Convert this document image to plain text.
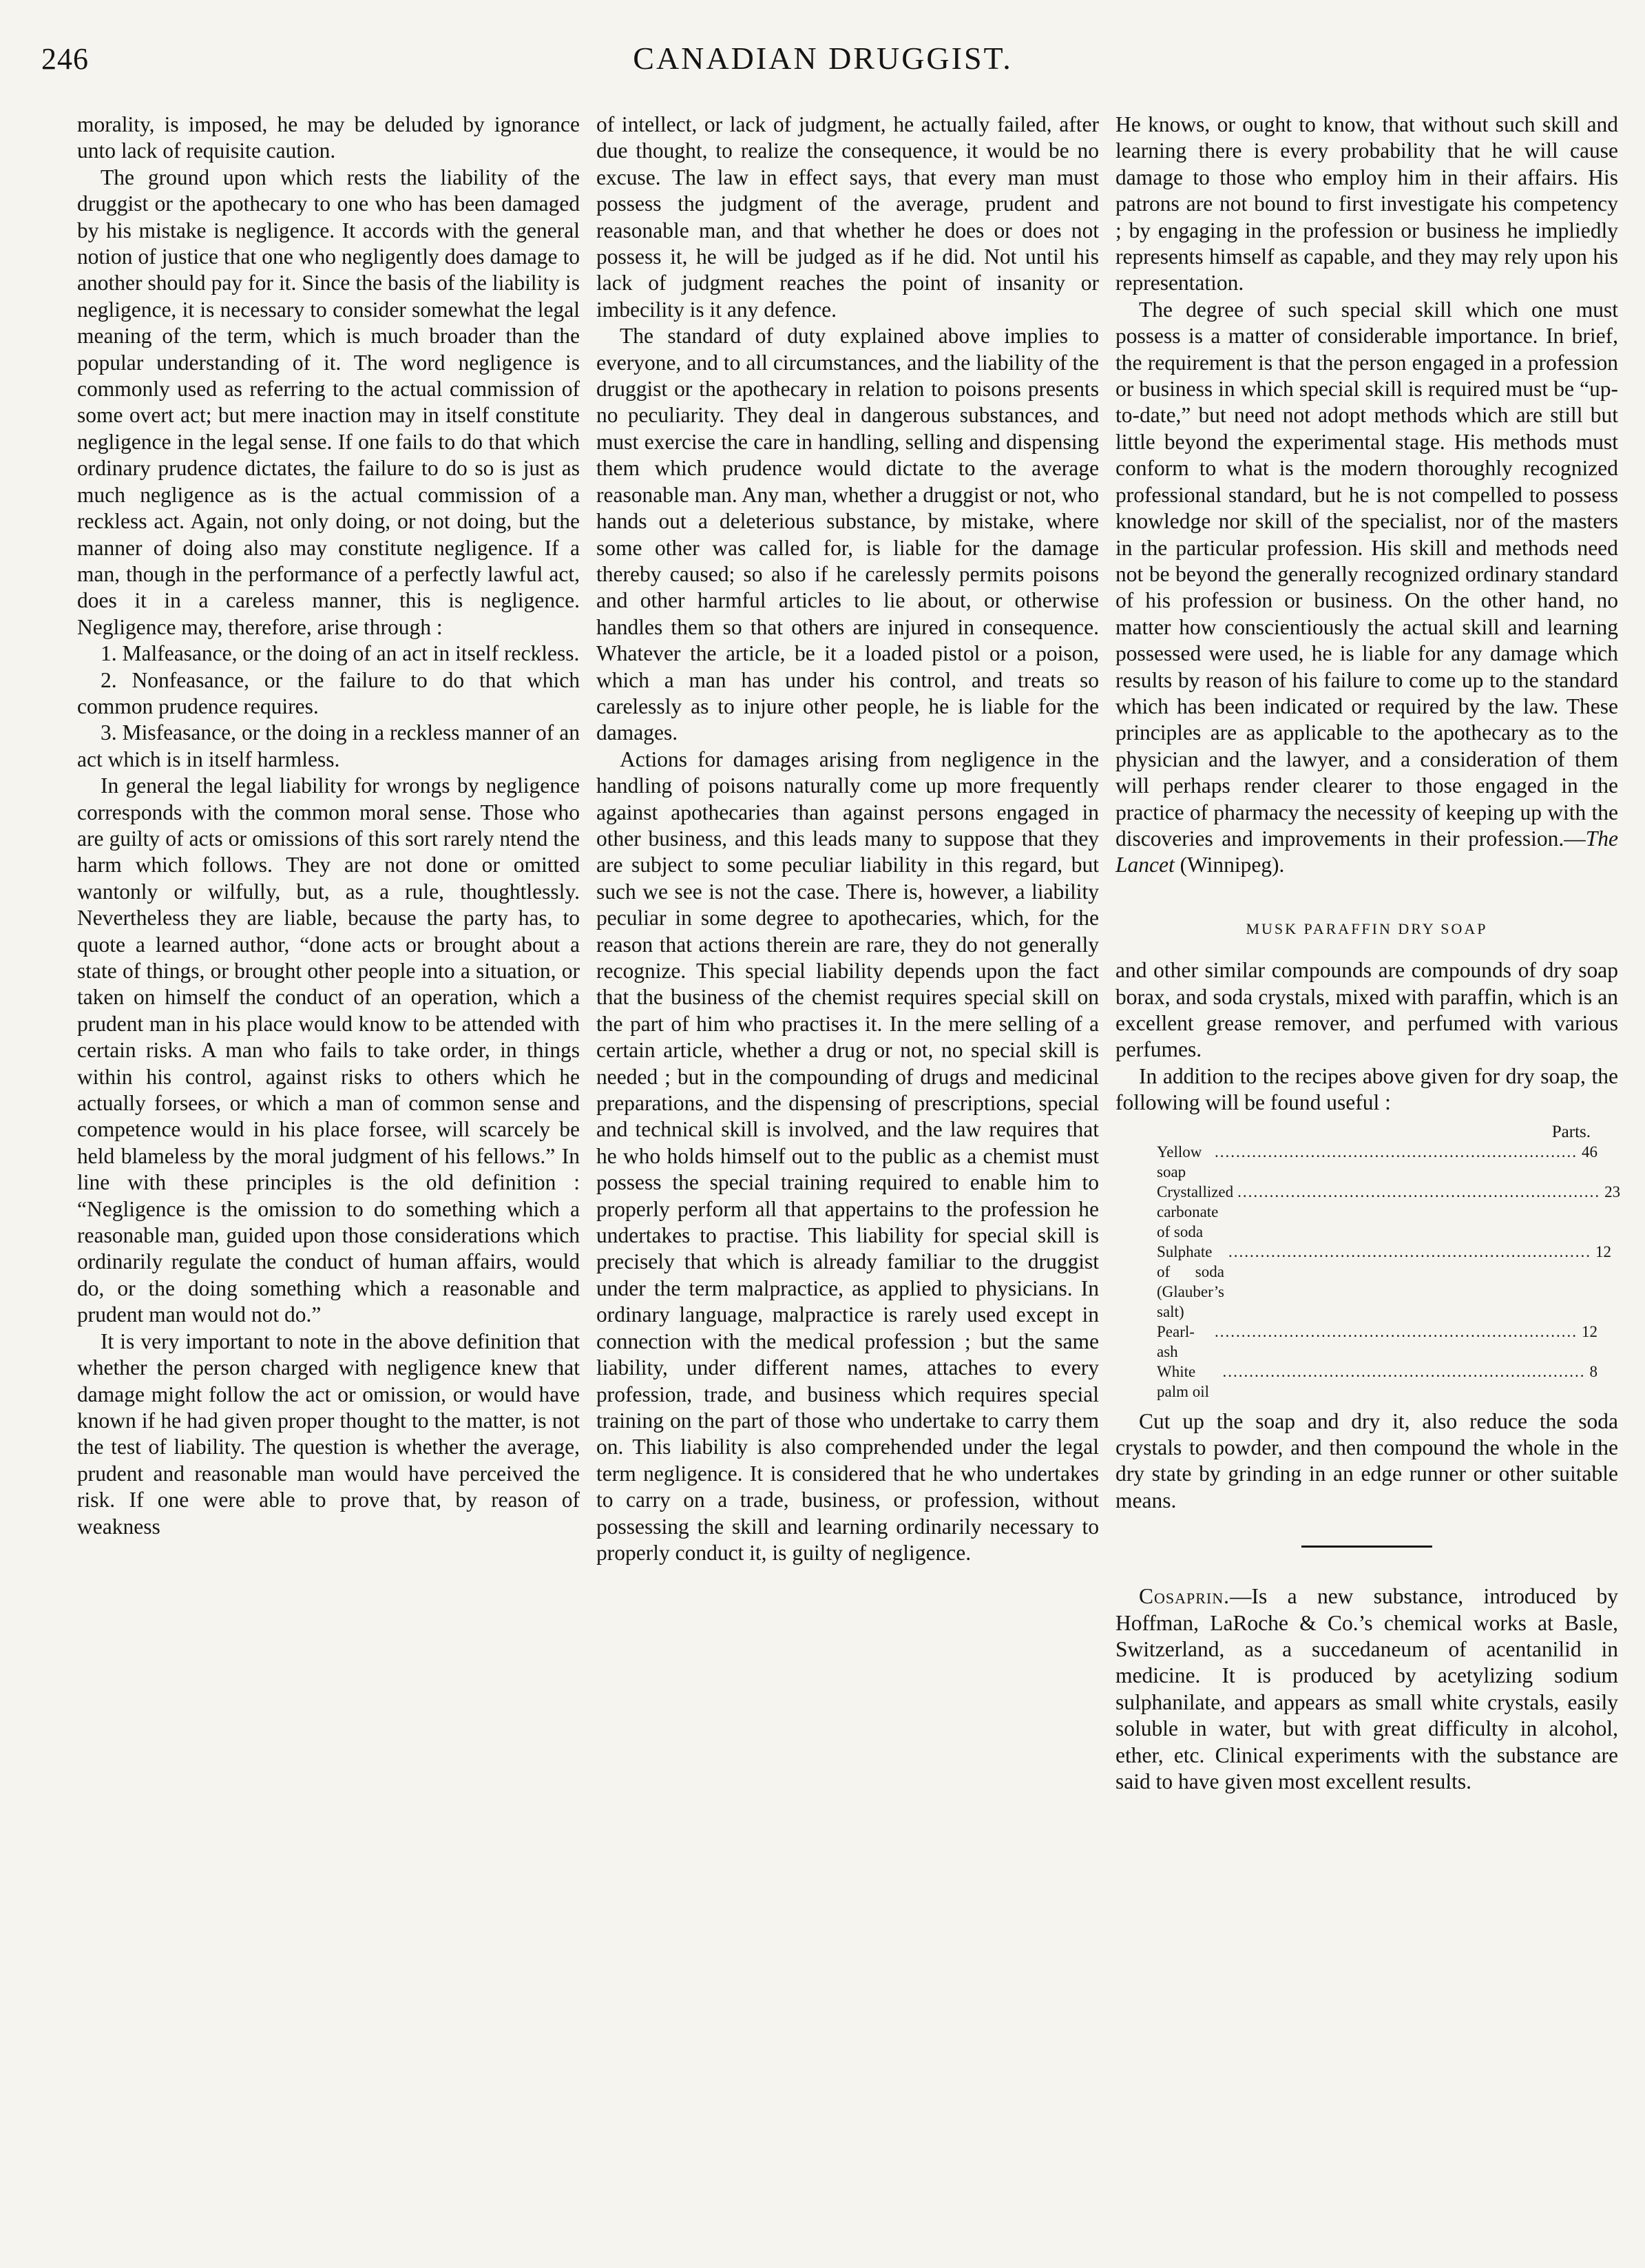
246	CANADIAN DRUGGIST.

morality, is imposed, he may be deluded by ignorance unto lack of requisite caution.

The ground upon which rests the liability of the druggist or the apothecary to one who has been damaged by his mistake is negligence. It accords with the general notion of justice that one who negligently does damage to another should pay for it. Since the basis of the liability is negligence, it is necessary to consider somewhat the legal meaning of the term, which is much broader than the popular understanding of it. The word negligence is commonly used as referring to the actual commission of some overt act; but mere inaction may in itself constitute negligence in the legal sense. If one fails to do that which ordinary prudence dictates, the failure to do so is just as much negligence as is the actual commission of a reckless act. Again, not only doing, or not doing, but the manner of doing also may constitute negligence. If a man, though in the performance of a perfectly lawful act, does it in a careless manner, this is negligence. Negligence may, therefore, arise through :

1. Malfeasance, or the doing of an act in itself reckless.

2. Nonfeasance, or the failure to do that which common prudence requires.

3. Misfeasance, or the doing in a reckless manner of an act which is in itself harmless.

In general the legal liability for wrongs by negligence corresponds with the common moral sense. Those who are guilty of acts or omissions of this sort rarely ntend the harm which follows. They are not done or omitted wantonly or wilfully, but, as a rule, thoughtlessly. Nevertheless they are liable, because the party has, to quote a learned author, “done acts or brought about a state of things, or brought other people into a situation, or taken on himself the conduct of an operation, which a prudent man in his place would know to be attended with certain risks. A man who fails to take order, in things within his control, against risks to others which he actually forsees, or which a man of common sense and competence would in his place forsee, will scarcely be held blameless by the moral judgment of his fellows.” In line with these principles is the old definition : “Negligence is the omission to do something which a reasonable man, guided upon those considerations which ordinarily regulate the conduct of human affairs, would do, or the doing something which a reasonable and prudent man would not do.”

It is very important to note in the above definition that whether the person charged with negligence knew that damage might follow the act or omission, or would have known if he had given proper thought to the matter, is not the test of liability. The question is whether the average, prudent and reasonable man would have perceived the risk. If one were able to prove that, by reason of weakness

of intellect, or lack of judgment, he actually failed, after due thought, to realize the consequence, it would be no excuse. The law in effect says, that every man must possess the judgment of the average, prudent and reasonable man, and that whether he does or does not possess it, he will be judged as if he did. Not until his lack of judgment reaches the point of insanity or imbecility is it any defence.

The standard of duty explained above implies to everyone, and to all circumstances, and the liability of the druggist or the apothecary in relation to poisons presents no peculiarity. They deal in dangerous substances, and must exercise the care in handling, selling and dispensing them which prudence would dictate to the average reasonable man. Any man, whether a druggist or not, who hands out a deleterious substance, by mistake, where some other was called for, is liable for the damage thereby caused; so also if he carelessly permits poisons and other harmful articles to lie about, or otherwise handles them so that others are injured in consequence. Whatever the article, be it a loaded pistol or a poison, which a man has under his control, and treats so carelessly as to injure other people, he is liable for the damages.

Actions for damages arising from negligence in the handling of poisons naturally come up more frequently against apothecaries than against persons engaged in other business, and this leads many to suppose that they are subject to some peculiar liability in this regard, but such we see is not the case. There is, however, a liability peculiar in some degree to apothecaries, which, for the reason that actions therein are rare, they do not generally recognize. This special liability depends upon the fact that the business of the chemist requires special skill on the part of him who practises it. In the mere selling of a certain article, whether a drug or not, no special skill is needed ; but in the compounding of drugs and medicinal preparations, and the dispensing of prescriptions, special and technical skill is involved, and the law requires that he who holds himself out to the public as a chemist must possess the special training required to enable him to properly perform all that appertains to the profession he undertakes to practise. This liability for special skill is precisely that which is already familiar to the druggist under the term malpractice, as applied to physicians. In ordinary language, malpractice is rarely used except in connection with the medical profession ; but the same liability, under different names, attaches to every profession, trade, and business which requires special training on the part of those who undertake to carry them on. This liability is also comprehended under the legal term negligence. It is considered that he who undertakes to carry on a trade, business, or profession, without possessing the skill and learning ordinarily necessary to properly conduct it, is guilty of negligence.

He knows, or ought to know, that without such skill and learning there is every probability that he will cause damage to those who employ him in their affairs. His patrons are not bound to first investigate his competency ; by engaging in the profession or business he impliedly represents himself as capable, and they may rely upon his representation.

The degree of such special skill which one must possess is a matter of considerable importance. In brief, the requirement is that the person engaged in a profession or business in which special skill is required must be “up-to-date,” but need not adopt methods which are still but little beyond the experimental stage. His methods must conform to what is the modern thoroughly recognized professional standard, but he is not compelled to possess knowledge nor skill of the specialist, nor of the masters in the particular profession. His skill and methods need not be beyond the generally recognized ordinary standard of his profession or business. On the other hand, no matter how conscientiously the actual skill and learning possessed were used, he is liable for any damage which results by reason of his failure to come up to the standard which has been indicated or required by the law. These principles are as applicable to the apothecary as to the physician and the lawyer, and a consideration of them will perhaps render clearer to those engaged in the practice of pharmacy the necessity of keeping up with the discoveries and improvements in their profession.—The Lancet (Winnipeg).

MUSK PARAFFIN DRY SOAP

and other similar compounds are compounds of dry soap borax, and soda crystals, mixed with paraffin, which is an excellent grease remover, and perfumed with various perfumes.

In addition to the recipes above given for dry soap, the following will be found useful :

Parts.
Yellow soap
.................................................................... 46
Crystallized carbonate of soda
.................................................................... 23
Sulphate of soda (Glauber’s salt)
.................................................................... 12
Pearl-ash
.................................................................... 12
White palm oil
.................................................................... 8

Cut up the soap and dry it, also reduce the soda crystals to powder, and then compound the whole in the dry state by grinding in an edge runner or other suitable means.

Cosaprin.—Is a new substance, introduced by Hoffman, LaRoche & Co.’s chemical works at Basle, Switzerland, as a succedaneum of acentanilid in medicine. It is produced by acetylizing sodium sulphanilate, and appears as small white crystals, easily soluble in water, but with great difficulty in alcohol, ether, etc. Clinical experiments with the substance are said to have given most excellent results.
